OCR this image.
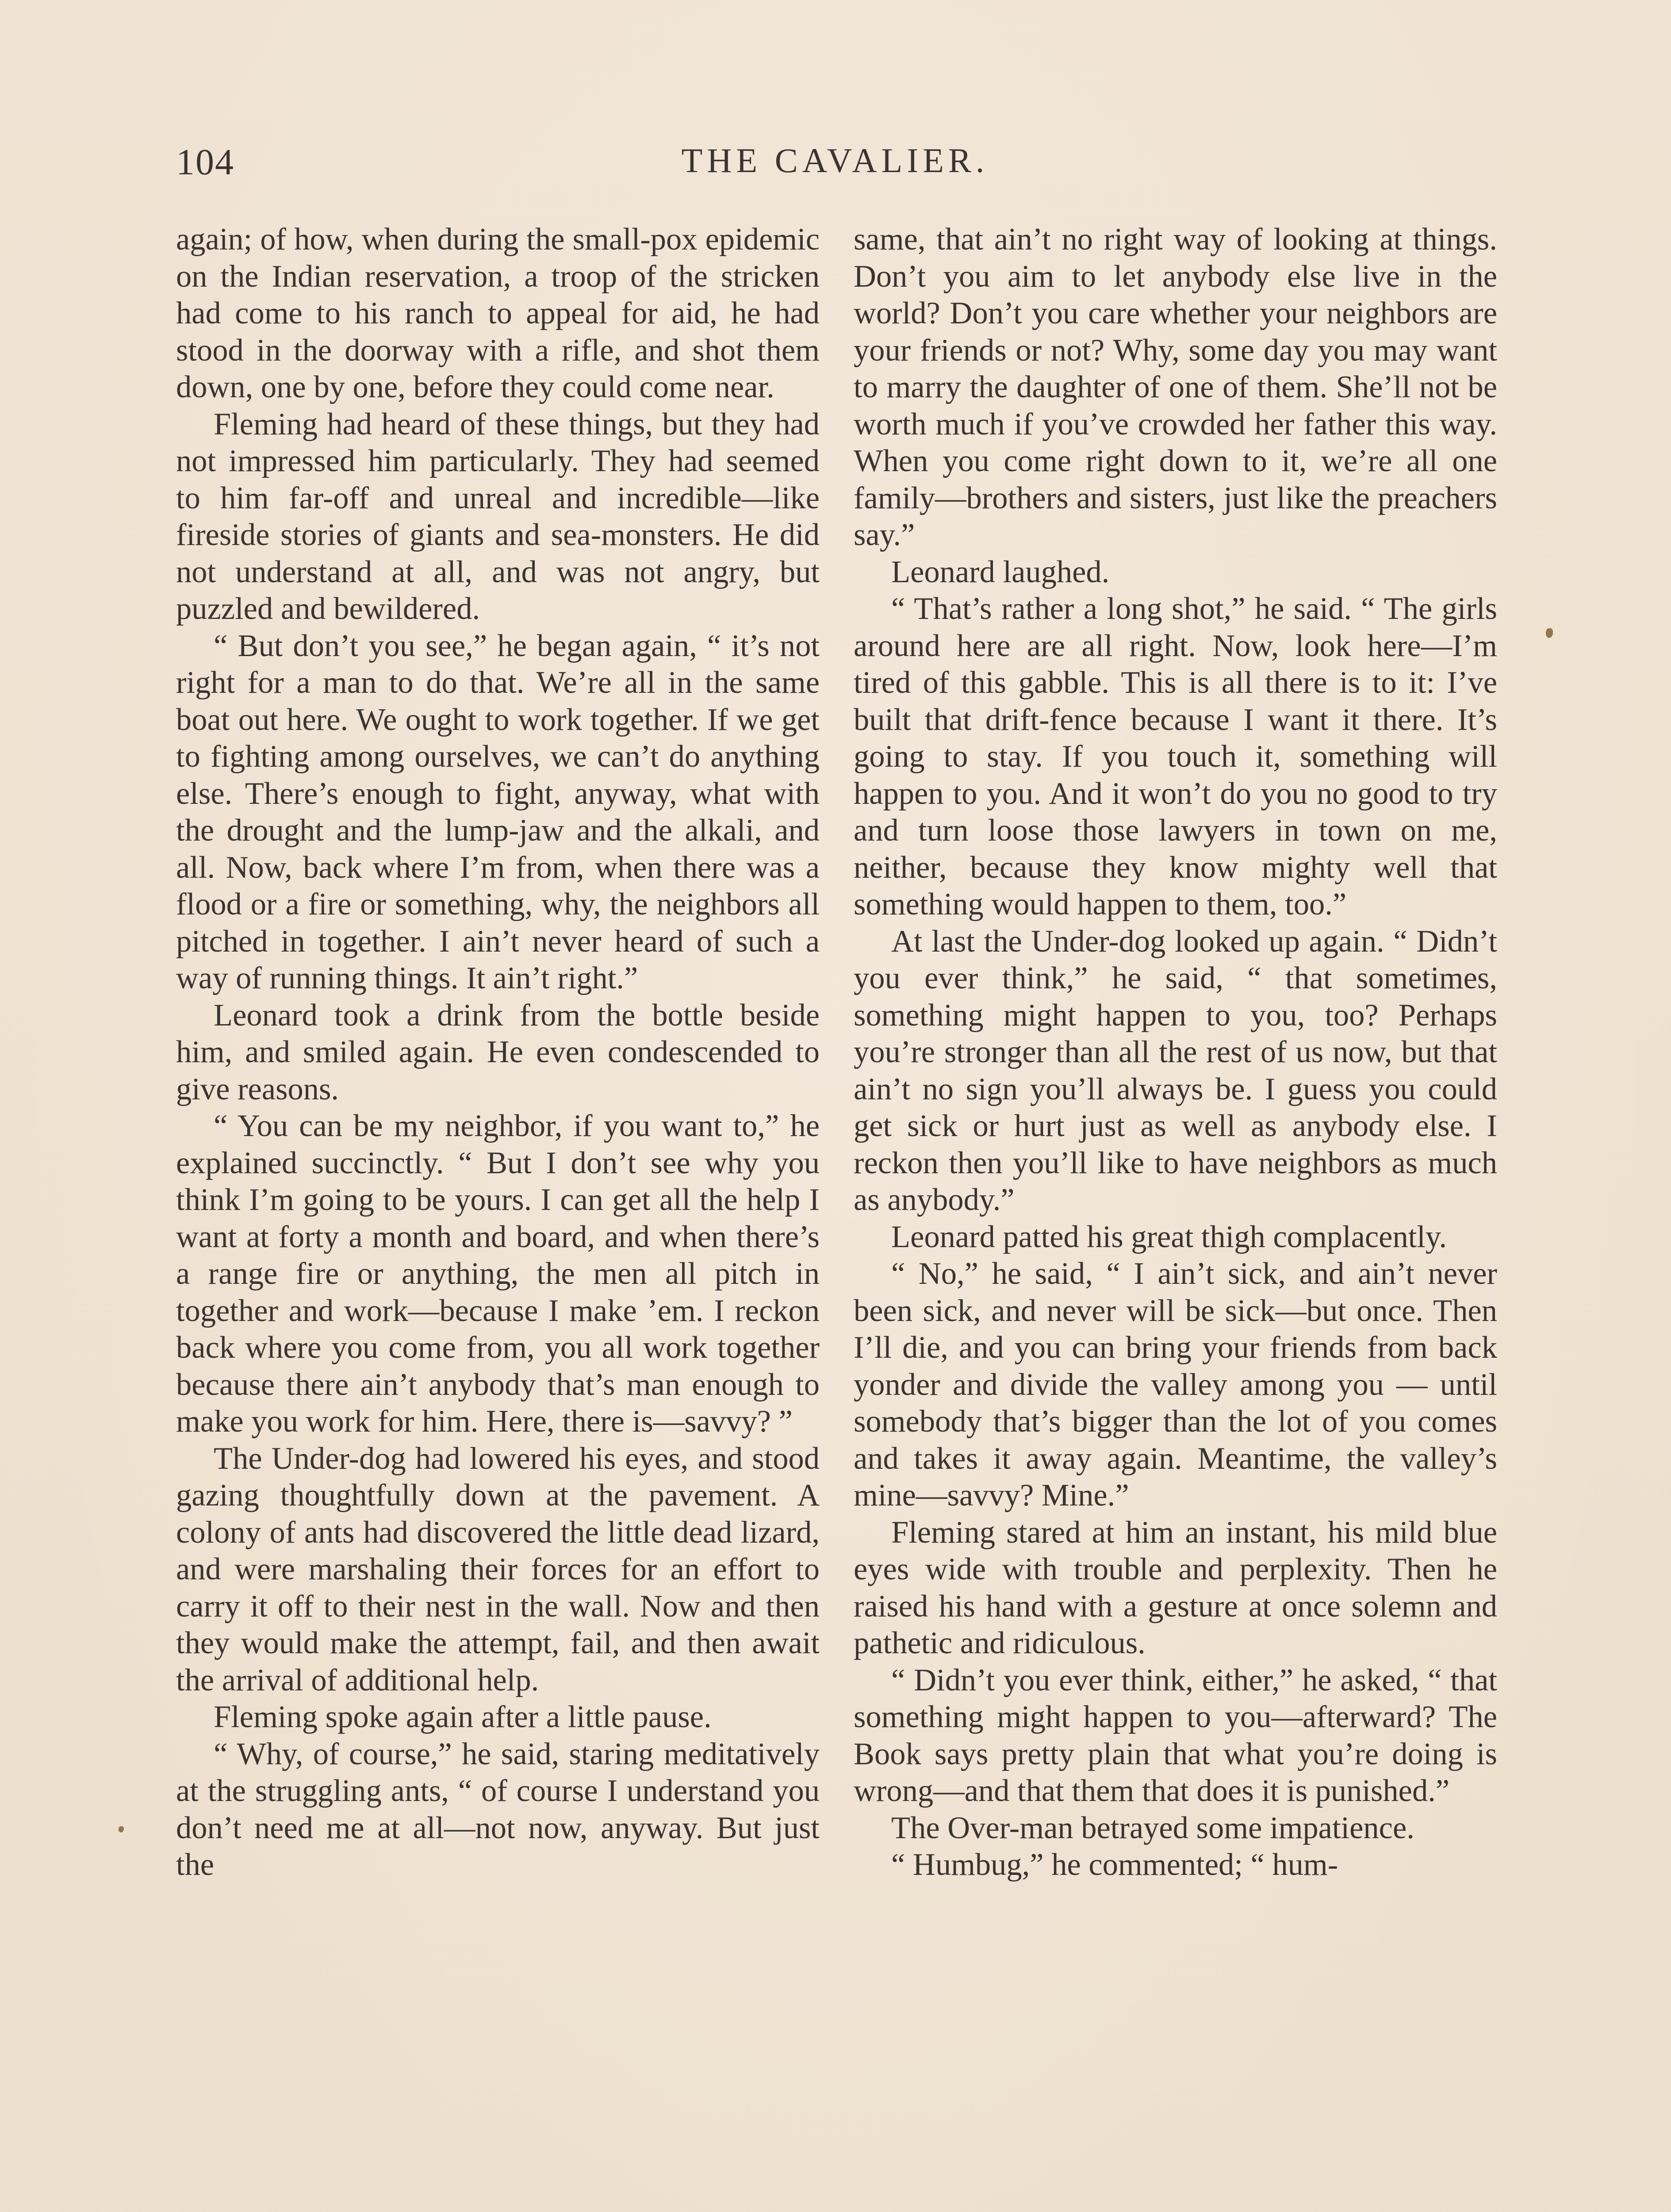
104	THE CAVALIER.

again; of how, when during the small-pox epidemic on the Indian reservation, a troop of the stricken had come to his ranch to appeal for aid, he had stood in the doorway with a rifle, and shot them down, one by one, before they could come near.

Fleming had heard of these things, but they had not impressed him particularly. They had seemed to him far-off and unreal and incredible—like fireside stories of giants and sea-monsters. He did not understand at all, and was not angry, but puzzled and bewildered.

“ But don’t you see,” he began again, “ it’s not right for a man to do that. We’re all in the same boat out here. We ought to work together. If we get to fighting among ourselves, we can’t do anything else. There’s enough to fight, anyway, what with the drought and the lump-jaw and the alkali, and all. Now, back where I’m from, when there was a flood or a fire or something, why, the neighbors all pitched in together. I ain’t never heard of such a way of running things. It ain’t right.”

Leonard took a drink from the bottle beside him, and smiled again. He even condescended to give reasons.

“ You can be my neighbor, if you want to,” he explained succinctly. “ But I don’t see why you think I’m going to be yours. I can get all the help I want at forty a month and board, and when there’s a range fire or anything, the men all pitch in together and work—because I make ’em. I reckon back where you come from, you all work together because there ain’t anybody that’s man enough to make you work for him. Here, there is—savvy? ”

The Under-dog had lowered his eyes, and stood gazing thoughtfully down at the pavement. A colony of ants had discovered the little dead lizard, and were marshaling their forces for an effort to carry it off to their nest in the wall. Now and then they would make the attempt, fail, and then await the arrival of additional help.

Fleming spoke again after a little pause.

“ Why, of course,” he said, staring meditatively at the struggling ants, “ of course I understand you don’t need me at all—not now, anyway. But just the

same, that ain’t no right way of looking at things. Don’t you aim to let anybody else live in the world? Don’t you care whether your neighbors are your friends or not? Why, some day you may want to marry the daughter of one of them. She’ll not be worth much if you’ve crowded her father this way. When you come right down to it, we’re all one family—brothers and sisters, just like the preachers say.”

Leonard laughed.

“ That’s rather a long shot,” he said. “ The girls around here are all right. Now, look here—I’m tired of this gabble. This is all there is to it: I’ve built that drift-fence because I want it there. It’s going to stay. If you touch it, something will happen to you. And it won’t do you no good to try and turn loose those lawyers in town on me, neither, because they know mighty well that something would happen to them, too.”

At last the Under-dog looked up again. “ Didn’t you ever think,” he said, “ that sometimes, something might happen to you, too? Perhaps you’re stronger than all the rest of us now, but that ain’t no sign you’ll always be. I guess you could get sick or hurt just as well as anybody else. I reckon then you’ll like to have neighbors as much as anybody.”

Leonard patted his great thigh complacently.

“ No,” he said, “ I ain’t sick, and ain’t never been sick, and never will be sick—but once. Then I’ll die, and you can bring your friends from back yonder and divide the valley among you — until somebody that’s bigger than the lot of you comes and takes it away again. Meantime, the valley’s mine—savvy? Mine.”

Fleming stared at him an instant, his mild blue eyes wide with trouble and perplexity. Then he raised his hand with a gesture at once solemn and pathetic and ridiculous.

“ Didn’t you ever think, either,” he asked, “ that something might happen to you—afterward? The Book says pretty plain that what you’re doing is wrong—and that them that does it is punished.”

The Over-man betrayed some impatience.

“ Humbug,” he commented; “ hum-
